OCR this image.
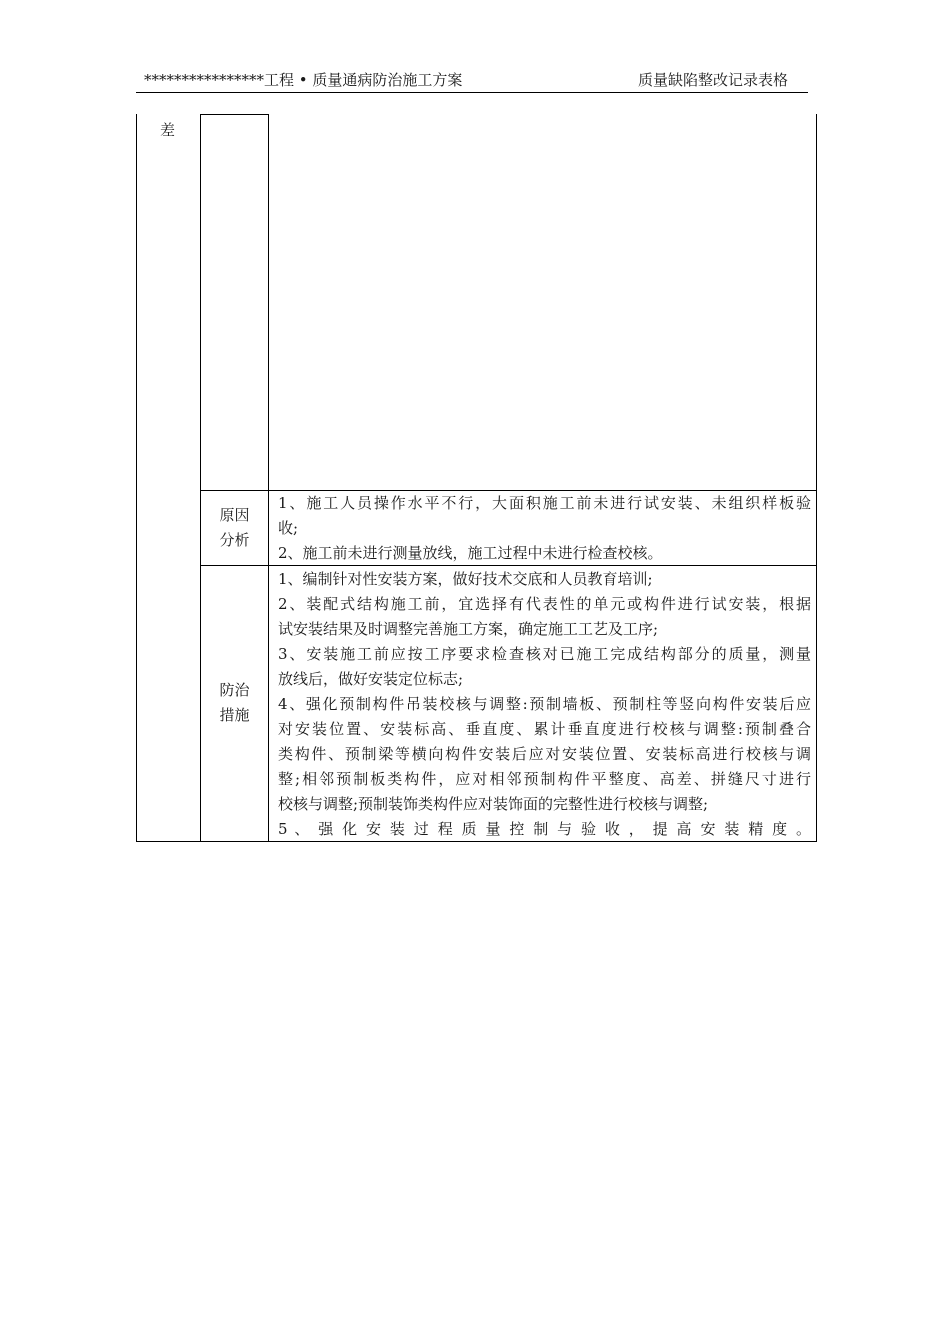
****************工程 • 质量通病防治施工方案	质量缺陷整改记录表格
差
原因
分析

1、施工人员操作水平不行，大面积施工前未进行试安装、未组织样板验

收;

2、施工前未进行测量放线，施工过程中未进行检查校核。

防治
措施

1、编制针对性安装方案，做好技术交底和人员教育培训;

2、装配式结构施工前，宜选择有代表性的单元或构件进行试安装，根据

试安装结果及时调整完善施工方案，确定施工工艺及工序;

3、安装施工前应按工序要求检查核对已施工完成结构部分的质量，测量

放线后，做好安装定位标志;

4、强化预制构件吊装校核与调整:预制墙板、预制柱等竖向构件安装后应

对安装位置、安装标高、垂直度、累计垂直度进行校核与调整:预制叠合

类构件、预制梁等横向构件安装后应对安装位置、安装标高进行校核与调

整;相邻预制板类构件，应对相邻预制构件平整度、高差、拼缝尺寸进行

校核与调整;预制装饰类构件应对装饰面的完整性进行校核与调整;

5 、 强 化 安 装 过 程 质 量 控 制 与 验 收 ， 提 高 安 装 精 度 。
